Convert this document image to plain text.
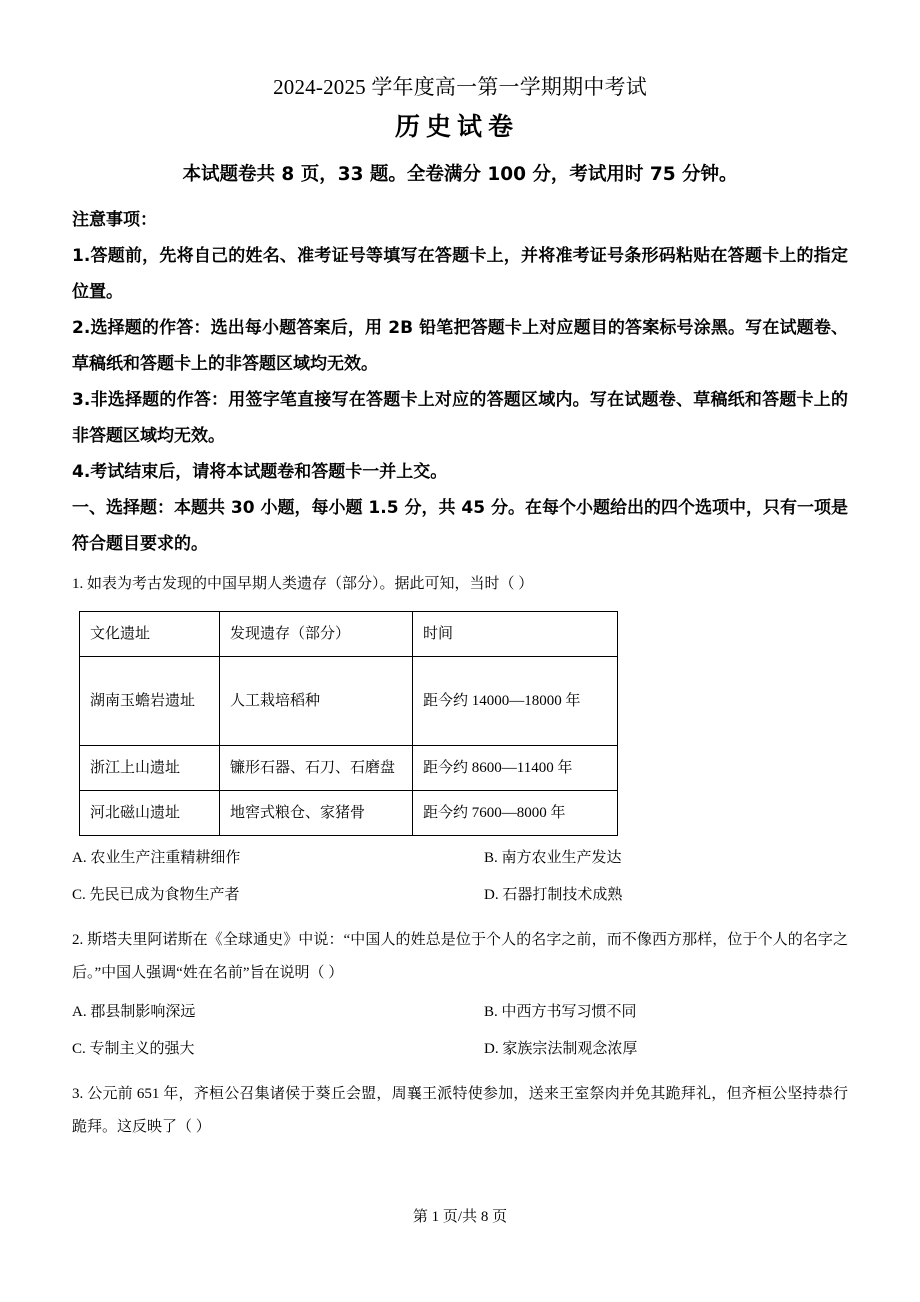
2024-2025 学年度高一第一学期期中考试
历史试卷

本试题卷共 8 页，33 题。全卷满分 100 分，考试用时 75 分钟。

注意事项：

1.答题前，先将自己的姓名、准考证号等填写在答题卡上，并将准考证号条形码粘贴在答题卡上的指定位置。

2.选择题的作答：选出每小题答案后，用 2B 铅笔把答题卡上对应题目的答案标号涂黑。写在试题卷、草稿纸和答题卡上的非答题区域均无效。

3.非选择题的作答：用签字笔直接写在答题卡上对应的答题区域内。写在试题卷、草稿纸和答题卡上的非答题区域均无效。

4.考试结束后，请将本试题卷和答题卡一并上交。

一、选择题：本题共 30 小题，每小题 1.5 分，共 45 分。在每个小题给出的四个选项中，只有一项是符合题目要求的。

1. 如表为考古发现的中国早期人类遗存（部分）。据此可知，当时（ ）

文化遗址	发现遗存（部分）	时间
湖南玉蟾岩遗址	人工栽培稻种	距今约 14000—18000 年
浙江上山遗址	镰形石器、石刀、石磨盘	距今约 8600—11400 年
河北磁山遗址	地窖式粮仓、家猪骨	距今约 7600—8000 年
A. 农业生产注重精耕细作	B. 南方农业生产发达
C. 先民已成为食物生产者	D. 石器打制技术成熟

2. 斯塔夫里阿诺斯在《全球通史》中说：“中国人的姓总是位于个人的名字之前，而不像西方那样，位于个人的名字之后。”中国人强调“姓在名前”旨在说明（ ）

A. 郡县制影响深远	B. 中西方书写习惯不同
C. 专制主义的强大	D. 家族宗法制观念浓厚

3. 公元前 651 年，齐桓公召集诸侯于葵丘会盟，周襄王派特使参加，送来王室祭肉并免其跪拜礼，但齐桓公坚持恭行跪拜。这反映了（ ）

第 1 页/共 8 页
